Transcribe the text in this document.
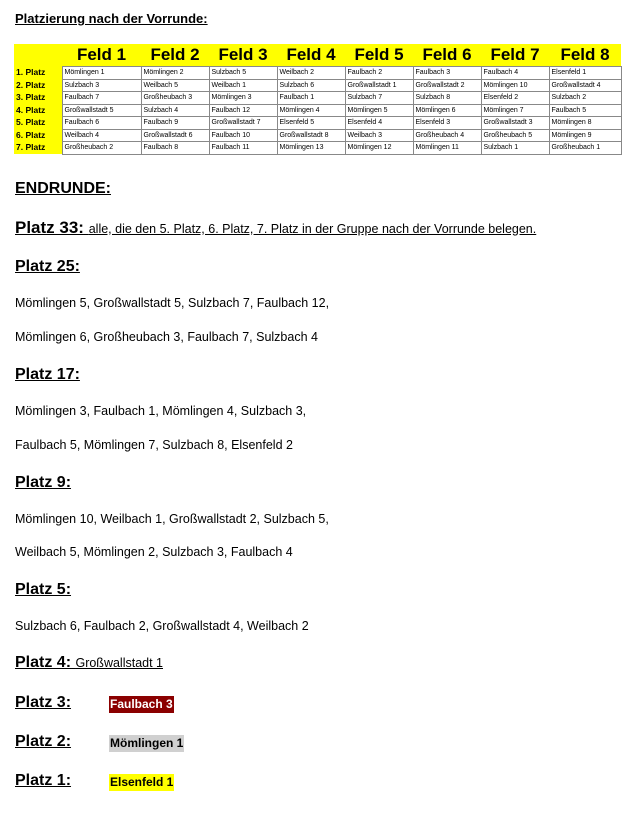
Platzierung nach der Vorrunde:
	Feld 1	Feld 2	Feld 3	Feld 4	Feld 5	Feld 6	Feld 7	Feld 8
1. Platz	Mömlingen 1	Mömlingen 2	Sulzbach 5	Weilbach 2	Faulbach 2	Faulbach 3	Faulbach 4	Elsenfeld 1
2. Platz	Sulzbach 3	Weilbach 5	Weilbach 1	Sulzbach 6	Großwallstadt 1	Großwallstadt 2	Mömlingen 10	Großwallstadt 4
3. Platz	Faulbach 7	Großheubach 3	Mömlingen 3	Faulbach 1	Sulzbach 7	Sulzbach 8	Elsenfeld 2	Sulzbach 2
4. Platz	Großwallstadt 5	Sulzbach 4	Faulbach 12	Mömlingen 4	Mömlingen 5	Mömlingen 6	Mömlingen 7	Faulbach 5
5. Platz	Faulbach 6	Faulbach 9	Großwallstadt 7	Elsenfeld 5	Elsenfeld 4	Elsenfeld 3	Großwallstadt 3	Mömlingen 8
6. Platz	Weilbach 4	Großwallstadt 6	Faulbach 10	Großwallstadt 8	Weilbach 3	Großheubach 4	Großheubach 5	Mömlingen 9
7. Platz	Großheubach 2	Faulbach 8	Faulbach 11	Mömlingen 13	Mömlingen 12	Mömlingen 11	Sulzbach 1	Großheubach 1
ENDRUNDE:
Platz 33: alle, die den 5. Platz, 6. Platz, 7. Platz in der Gruppe nach der Vorrunde belegen.
Platz 25:
Mömlingen 5, Großwallstadt 5, Sulzbach 7, Faulbach 12,
Mömlingen 6, Großheubach 3, Faulbach 7, Sulzbach 4
Platz 17:
Mömlingen 3, Faulbach 1, Mömlingen 4, Sulzbach 3,
Faulbach 5, Mömlingen 7, Sulzbach 8, Elsenfeld 2
Platz 9:
Mömlingen 10, Weilbach 1, Großwallstadt 2, Sulzbach 5,
Weilbach 5, Mömlingen 2, Sulzbach 3, Faulbach 4
Platz 5:
Sulzbach 6, Faulbach 2, Großwallstadt 4, Weilbach 2
Platz 4: Großwallstadt 1
Platz 3:	Faulbach 3
Platz 2:	Mömlingen 1
Platz 1:	Elsenfeld 1
